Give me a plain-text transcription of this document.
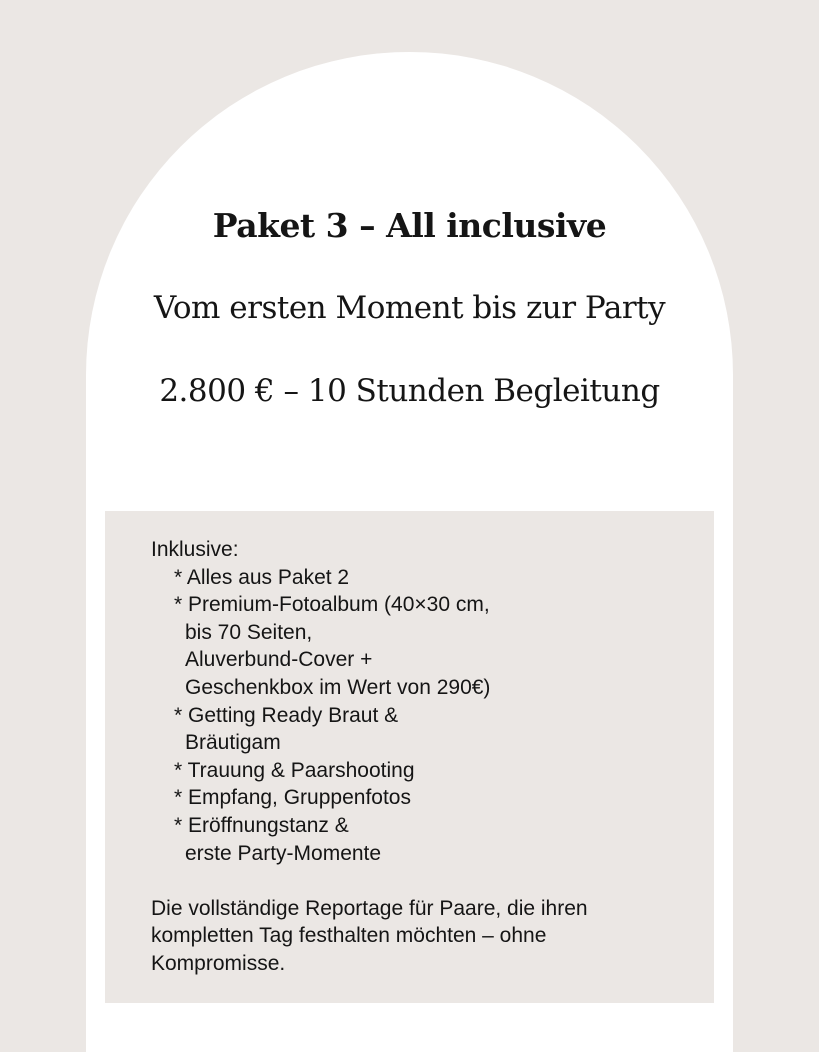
Paket 3 – All inclusive
Vom ersten Moment bis zur Party
2.800 € – 10 Stunden Begleitung
Inklusive:
* Alles aus Paket 2
* Premium-Fotoalbum (40×30 cm,
bis 70 Seiten,
Aluverbund-Cover +
Geschenkbox im Wert von 290€)
* Getting Ready Braut &
Bräutigam
* Trauung & Paarshooting
* Empfang, Gruppenfotos
* Eröffnungstanz &
erste Party-Momente
Die vollständige Reportage für Paare, die ihren
kompletten Tag festhalten möchten – ohne
Kompromisse.
